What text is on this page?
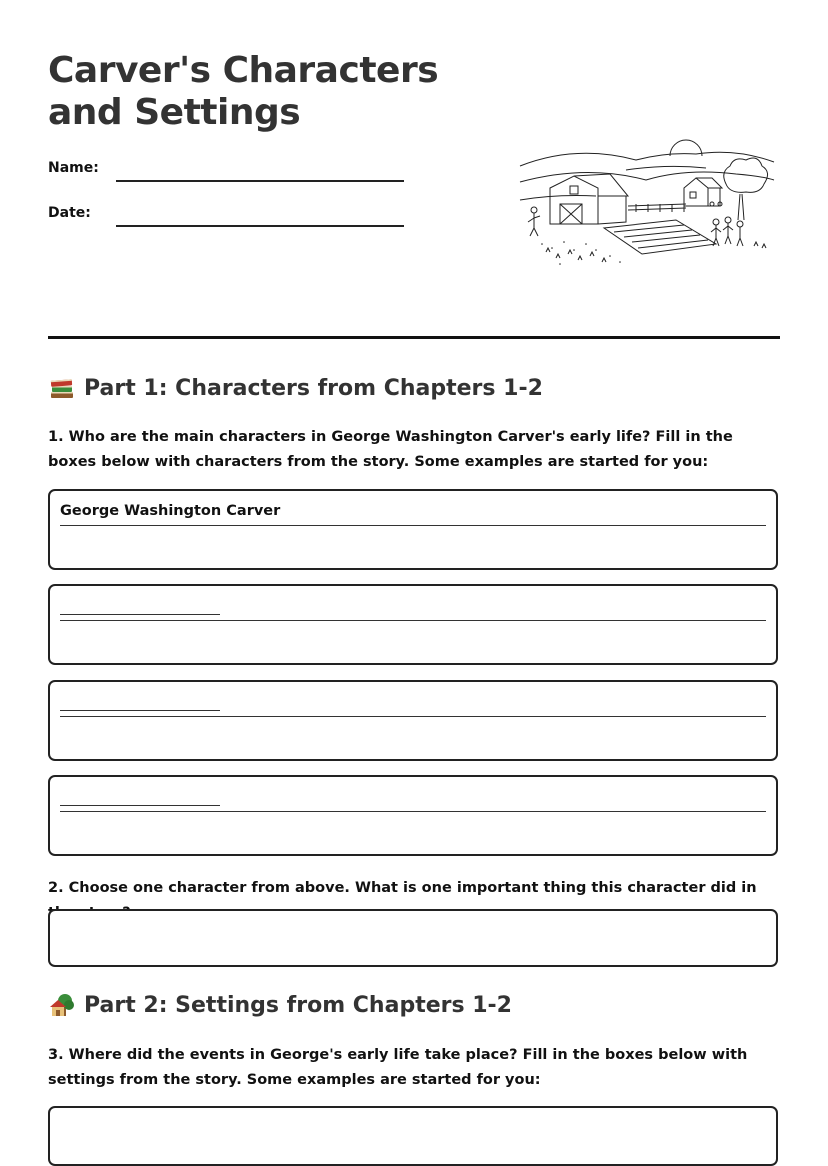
Carver's Characters and Settings
Name:
Date:
Part 1: Characters from Chapters 1-2

1. Who are the main characters in George Washington Carver's early life? Fill in the boxes below with characters from the story. Some examples are started for you:

George Washington Carver

2. Choose one character from above. What is one important thing this character did in

Part 2: Settings from Chapters 1-2

3. Where did the events in George's early life take place? Fill in the boxes below with settings from the story. Some examples are started for you:
